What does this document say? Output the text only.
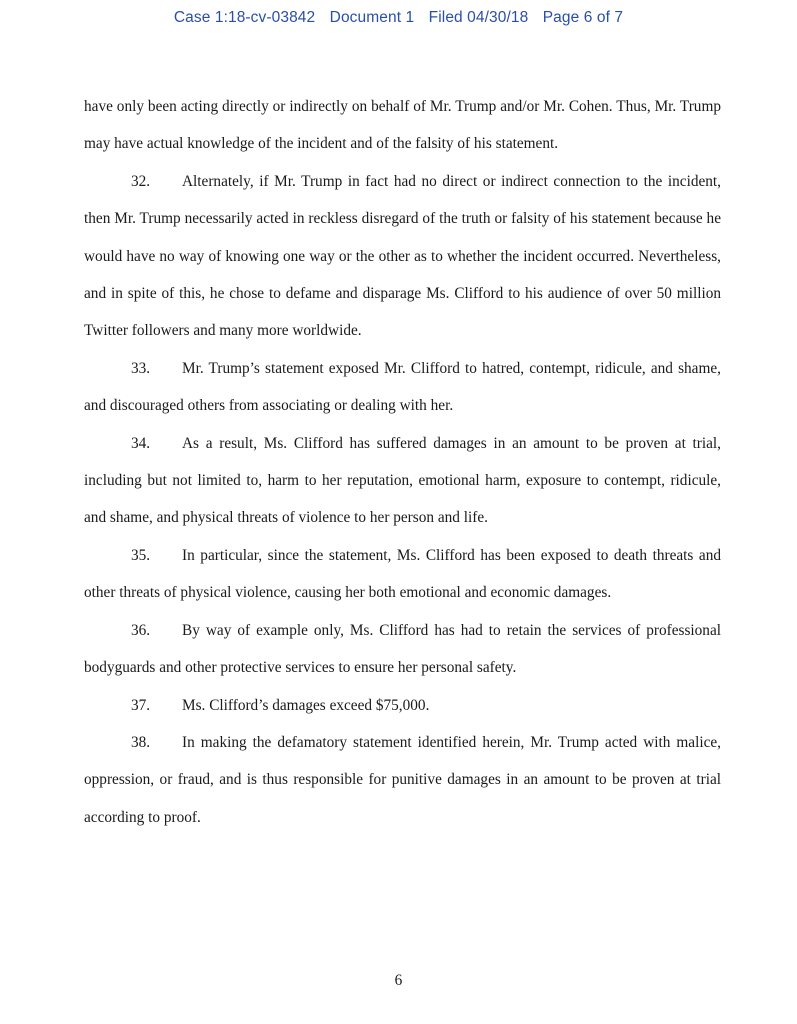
Case 1:18-cv-03842 Document 1 Filed 04/30/18 Page 6 of 7

have only been acting directly or indirectly on behalf of Mr. Trump and/or Mr. Cohen. Thus, Mr. Trump may have actual knowledge of the incident and of the falsity of his statement.

32. Alternately, if Mr. Trump in fact had no direct or indirect connection to the incident, then Mr. Trump necessarily acted in reckless disregard of the truth or falsity of his statement because he would have no way of knowing one way or the other as to whether the incident occurred. Nevertheless, and in spite of this, he chose to defame and disparage Ms. Clifford to his audience of over 50 million Twitter followers and many more worldwide.

33. Mr. Trump’s statement exposed Mr. Clifford to hatred, contempt, ridicule, and shame, and discouraged others from associating or dealing with her.

34. As a result, Ms. Clifford has suffered damages in an amount to be proven at trial, including but not limited to, harm to her reputation, emotional harm, exposure to contempt, ridicule, and shame, and physical threats of violence to her person and life.

35. In particular, since the statement, Ms. Clifford has been exposed to death threats and other threats of physical violence, causing her both emotional and economic damages.

36. By way of example only, Ms. Clifford has had to retain the services of professional bodyguards and other protective services to ensure her personal safety.

37. Ms. Clifford’s damages exceed $75,000.

38. In making the defamatory statement identified herein, Mr. Trump acted with malice, oppression, or fraud, and is thus responsible for punitive damages in an amount to be proven at trial according to proof.

6
